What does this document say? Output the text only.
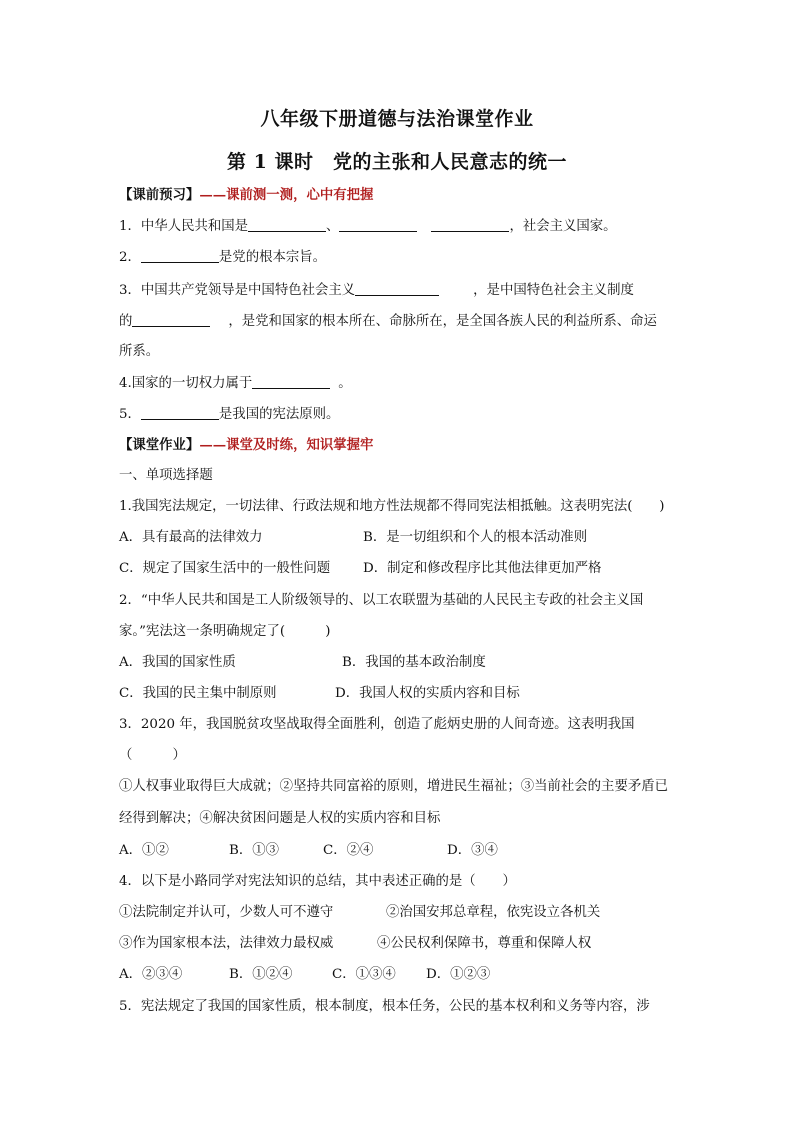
八年级下册道德与法治课堂作业
第 1 课时　党的主张和人民意志的统一
【课前预习】——课前测一测，心中有把握
1．中华人民共和国是	、	，社会主义国家。
2．	是党的根本宗旨。
3．中国共产党领导是中国特色社会主义	，是中国特色社会主义制度
的	，是党和国家的根本所在、命脉所在，是全国各族人民的利益所系、命运
所系。
4.国家的一切权力属于	。
5．	是我国的宪法原则。
【课堂作业】——课堂及时练，知识掌握牢
一、单项选择题
1.我国宪法规定，一切法律、行政法规和地方性法规都不得同宪法相抵触。这表明宪法(　　)
A．具有最高的法律效力	B．是一切组织和个人的根本活动准则
C．规定了国家生活中的一般性问题 D．制定和修改程序比其他法律更加严格
2．“中华人民共和国是工人阶级领导的、以工农联盟为基础的人民民主专政的社会主义国
家。”宪法这一条明确规定了(　　　)
A．我国的国家性质	B．我国的基本政治制度
C．我国的民主集中制原则	D．我国人权的实质内容和目标
3．2020 年，我国脱贫攻坚战取得全面胜利，创造了彪炳史册的人间奇迹。这表明我国
（　　　）
①人权事业取得巨大成就；②坚持共同富裕的原则，增进民生福祉；③当前社会的主要矛盾已
经得到解决；④解决贫困问题是人权的实质内容和目标
A．①②	B．①③	C．②④	D．③④
4．以下是小路同学对宪法知识的总结，其中表述正确的是（　　）
①法院制定并认可，少数人可不遵守	②治国安邦总章程，依宪设立各机关
③作为国家根本法，法律效力最权威	④公民权利保障书，尊重和保障人权
A．②③④	B．①②④	C．①③④ D．①②③
5．宪法规定了我国的国家性质，根本制度，根本任务，公民的基本权利和义务等内容，涉
